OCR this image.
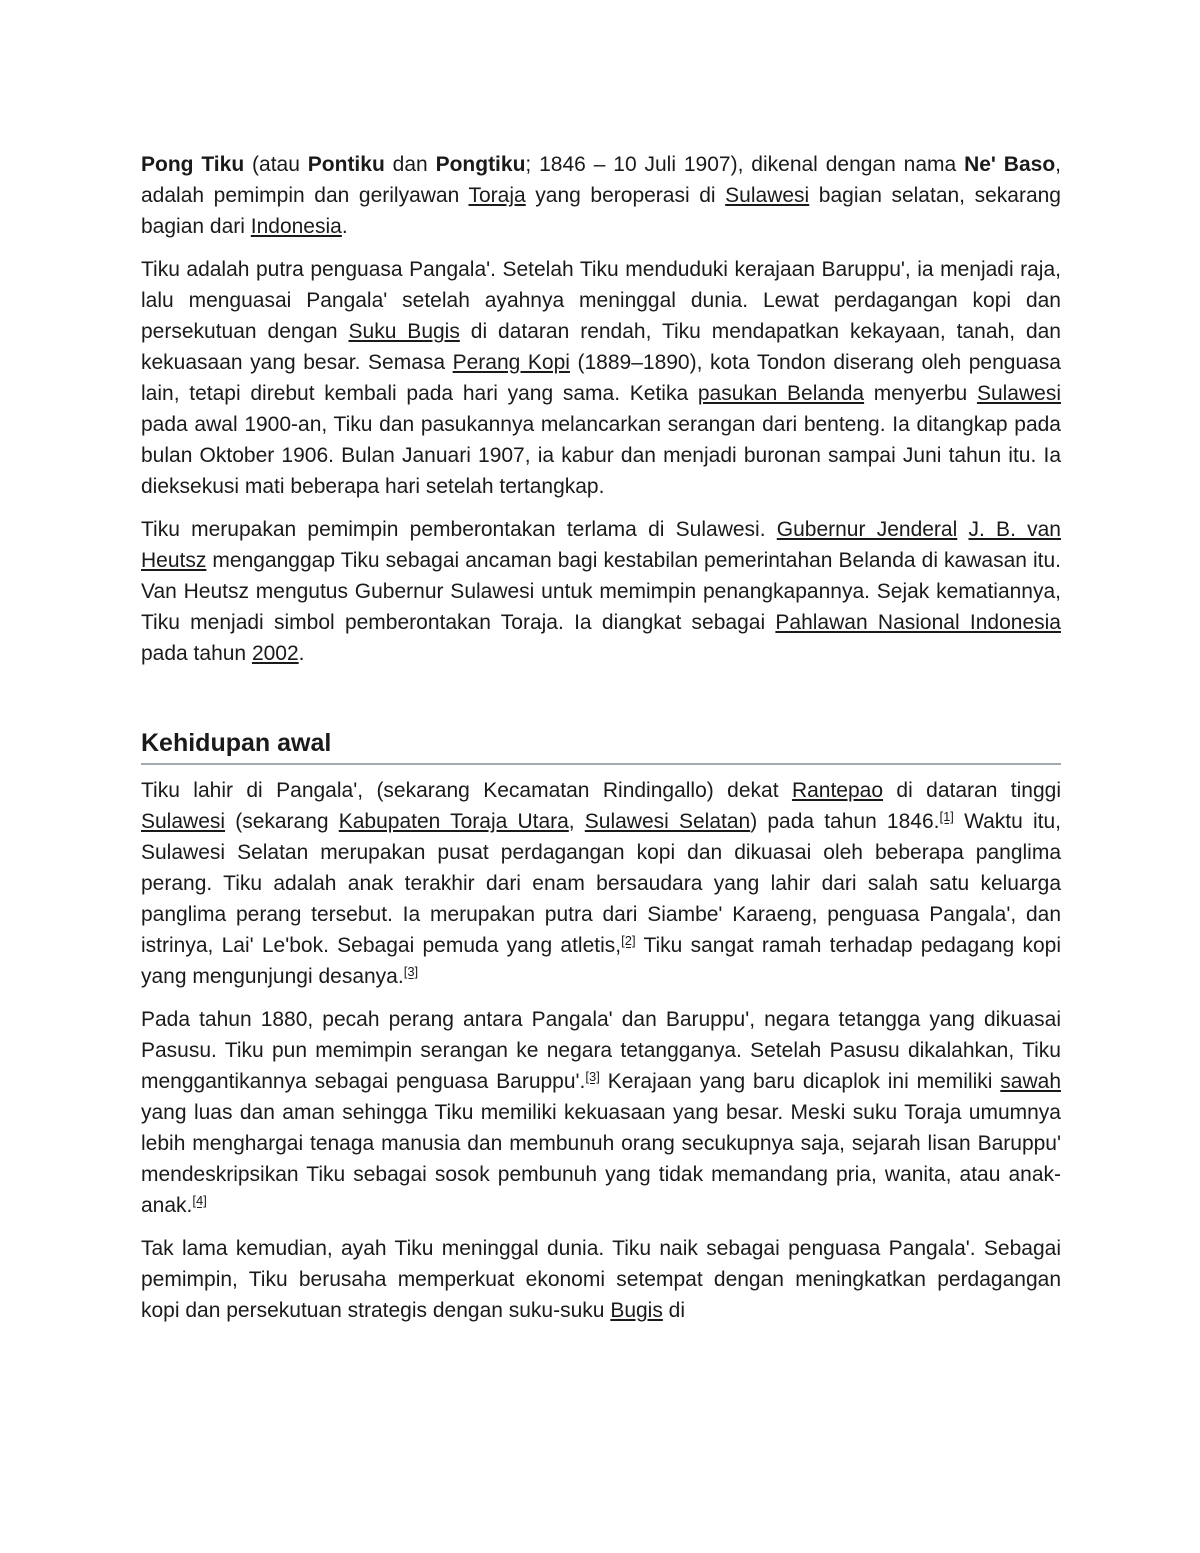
Pong Tiku (atau Pontiku dan Pongtiku; 1846 – 10 Juli 1907), dikenal dengan nama Ne' Baso, adalah pemimpin dan gerilyawan Toraja yang beroperasi di Sulawesi bagian selatan, sekarang bagian dari Indonesia.

Tiku adalah putra penguasa Pangala'. Setelah Tiku menduduki kerajaan Baruppu', ia menjadi raja, lalu menguasai Pangala' setelah ayahnya meninggal dunia. Lewat perdagangan kopi dan persekutuan dengan Suku Bugis di dataran rendah, Tiku mendapatkan kekayaan, tanah, dan kekuasaan yang besar. Semasa Perang Kopi (1889–1890), kota Tondon diserang oleh penguasa lain, tetapi direbut kembali pada hari yang sama. Ketika pasukan Belanda menyerbu Sulawesi pada awal 1900-an, Tiku dan pasukannya melancarkan serangan dari benteng. Ia ditangkap pada bulan Oktober 1906. Bulan Januari 1907, ia kabur dan menjadi buronan sampai Juni tahun itu. Ia dieksekusi mati beberapa hari setelah tertangkap.

Tiku merupakan pemimpin pemberontakan terlama di Sulawesi. Gubernur Jenderal J. B. van Heutsz menganggap Tiku sebagai ancaman bagi kestabilan pemerintahan Belanda di kawasan itu. Van Heutsz mengutus Gubernur Sulawesi untuk memimpin penangkapannya. Sejak kematiannya, Tiku menjadi simbol pemberontakan Toraja. Ia diangkat sebagai Pahlawan Nasional Indonesia pada tahun 2002.

Kehidupan awal

Tiku lahir di Pangala', (sekarang Kecamatan Rindingallo) dekat Rantepao di dataran tinggi Sulawesi (sekarang Kabupaten Toraja Utara, Sulawesi Selatan) pada tahun 1846.[1] Waktu itu, Sulawesi Selatan merupakan pusat perdagangan kopi dan dikuasai oleh beberapa panglima perang. Tiku adalah anak terakhir dari enam bersaudara yang lahir dari salah satu keluarga panglima perang tersebut. Ia merupakan putra dari Siambe' Karaeng, penguasa Pangala', dan istrinya, Lai' Le'bok. Sebagai pemuda yang atletis,[2] Tiku sangat ramah terhadap pedagang kopi yang mengunjungi desanya.[3]

Pada tahun 1880, pecah perang antara Pangala' dan Baruppu', negara tetangga yang dikuasai Pasusu. Tiku pun memimpin serangan ke negara tetangganya. Setelah Pasusu dikalahkan, Tiku menggantikannya sebagai penguasa Baruppu'.[3] Kerajaan yang baru dicaplok ini memiliki sawah yang luas dan aman sehingga Tiku memiliki kekuasaan yang besar. Meski suku Toraja umumnya lebih menghargai tenaga manusia dan membunuh orang secukupnya saja, sejarah lisan Baruppu' mendeskripsikan Tiku sebagai sosok pembunuh yang tidak memandang pria, wanita, atau anak-anak.[4]

Tak lama kemudian, ayah Tiku meninggal dunia. Tiku naik sebagai penguasa Pangala'. Sebagai pemimpin, Tiku berusaha memperkuat ekonomi setempat dengan meningkatkan perdagangan kopi dan persekutuan strategis dengan suku-suku Bugis di
